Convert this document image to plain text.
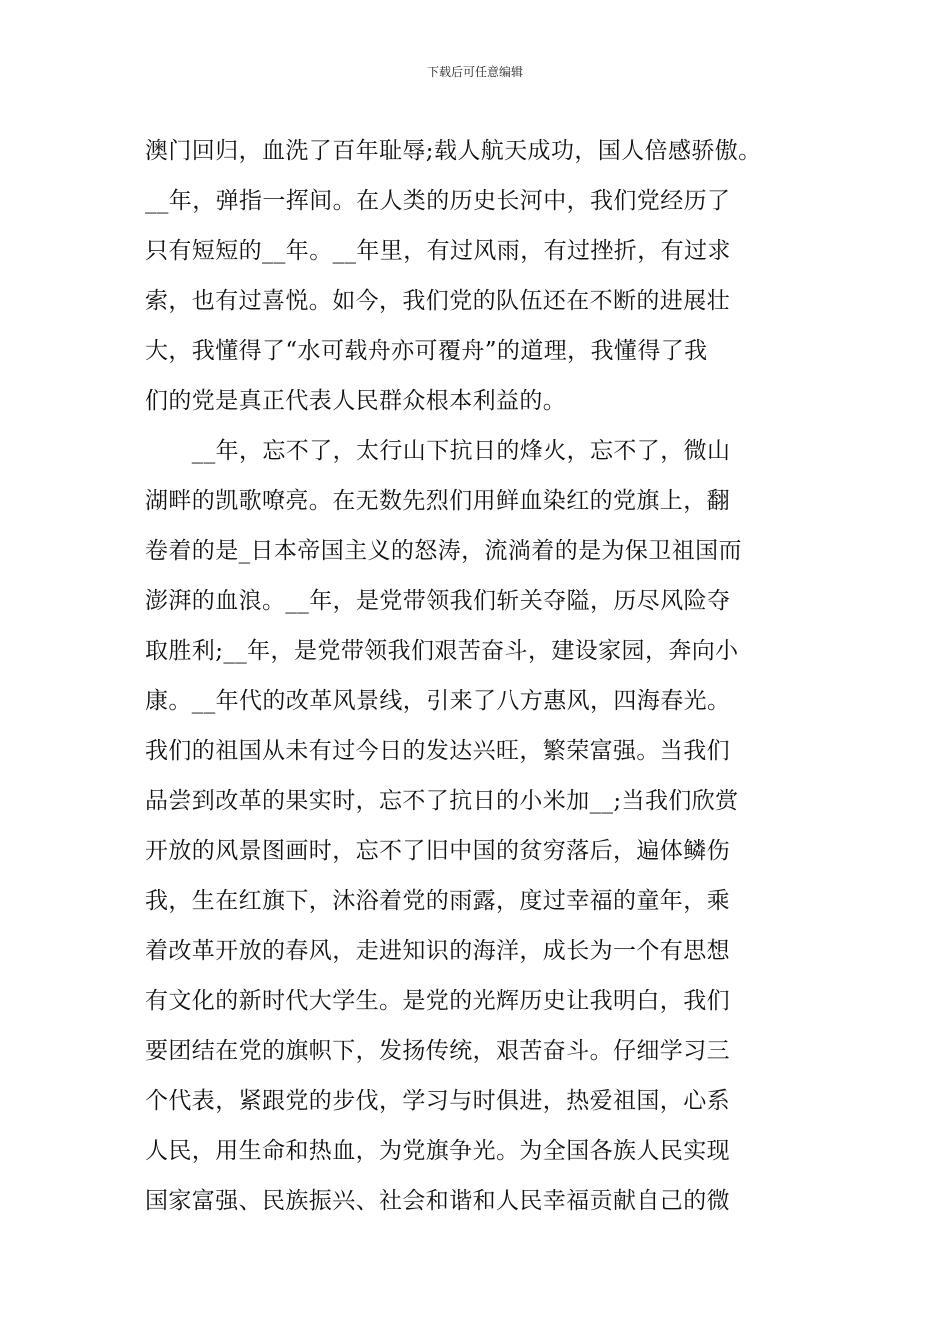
下载后可任意编辑
澳门回归，血洗了百年耻辱;载人航天成功，国人倍感骄傲。
__年，弹指一挥间。在人类的历史长河中，我们党经历了
只有短短的__年。__年里，有过风雨，有过挫折，有过求
索，也有过喜悦。如今，我们党的队伍还在不断的进展壮
大，我懂得了“水可载舟亦可覆舟”的道理，我懂得了我
们的党是真正代表人民群众根本利益的。
　　__年，忘不了，太行山下抗日的烽火，忘不了，微山
湖畔的凯歌嘹亮。在无数先烈们用鲜血染红的党旗上，翻
卷着的是_日本帝国主义的怒涛，流淌着的是为保卫祖国而
澎湃的血浪。__年，是党带领我们斩关夺隘，历尽风险夺
取胜利;__年，是党带领我们艰苦奋斗，建设家园，奔向小
康。__年代的改革风景线，引来了八方惠风，四海春光。
我们的祖国从未有过今日的发达兴旺，繁荣富强。当我们
品尝到改革的果实时，忘不了抗日的小米加__;当我们欣赏
开放的风景图画时，忘不了旧中国的贫穷落后，遍体鳞伤
我，生在红旗下，沐浴着党的雨露，度过幸福的童年，乘
着改革开放的春风，走进知识的海洋，成长为一个有思想
有文化的新时代大学生。是党的光辉历史让我明白，我们
要团结在党的旗帜下，发扬传统，艰苦奋斗。仔细学习三
个代表，紧跟党的步伐，学习与时俱进，热爱祖国，心系
人民，用生命和热血，为党旗争光。为全国各族人民实现
国家富强、民族振兴、社会和谐和人民幸福贡献自己的微
